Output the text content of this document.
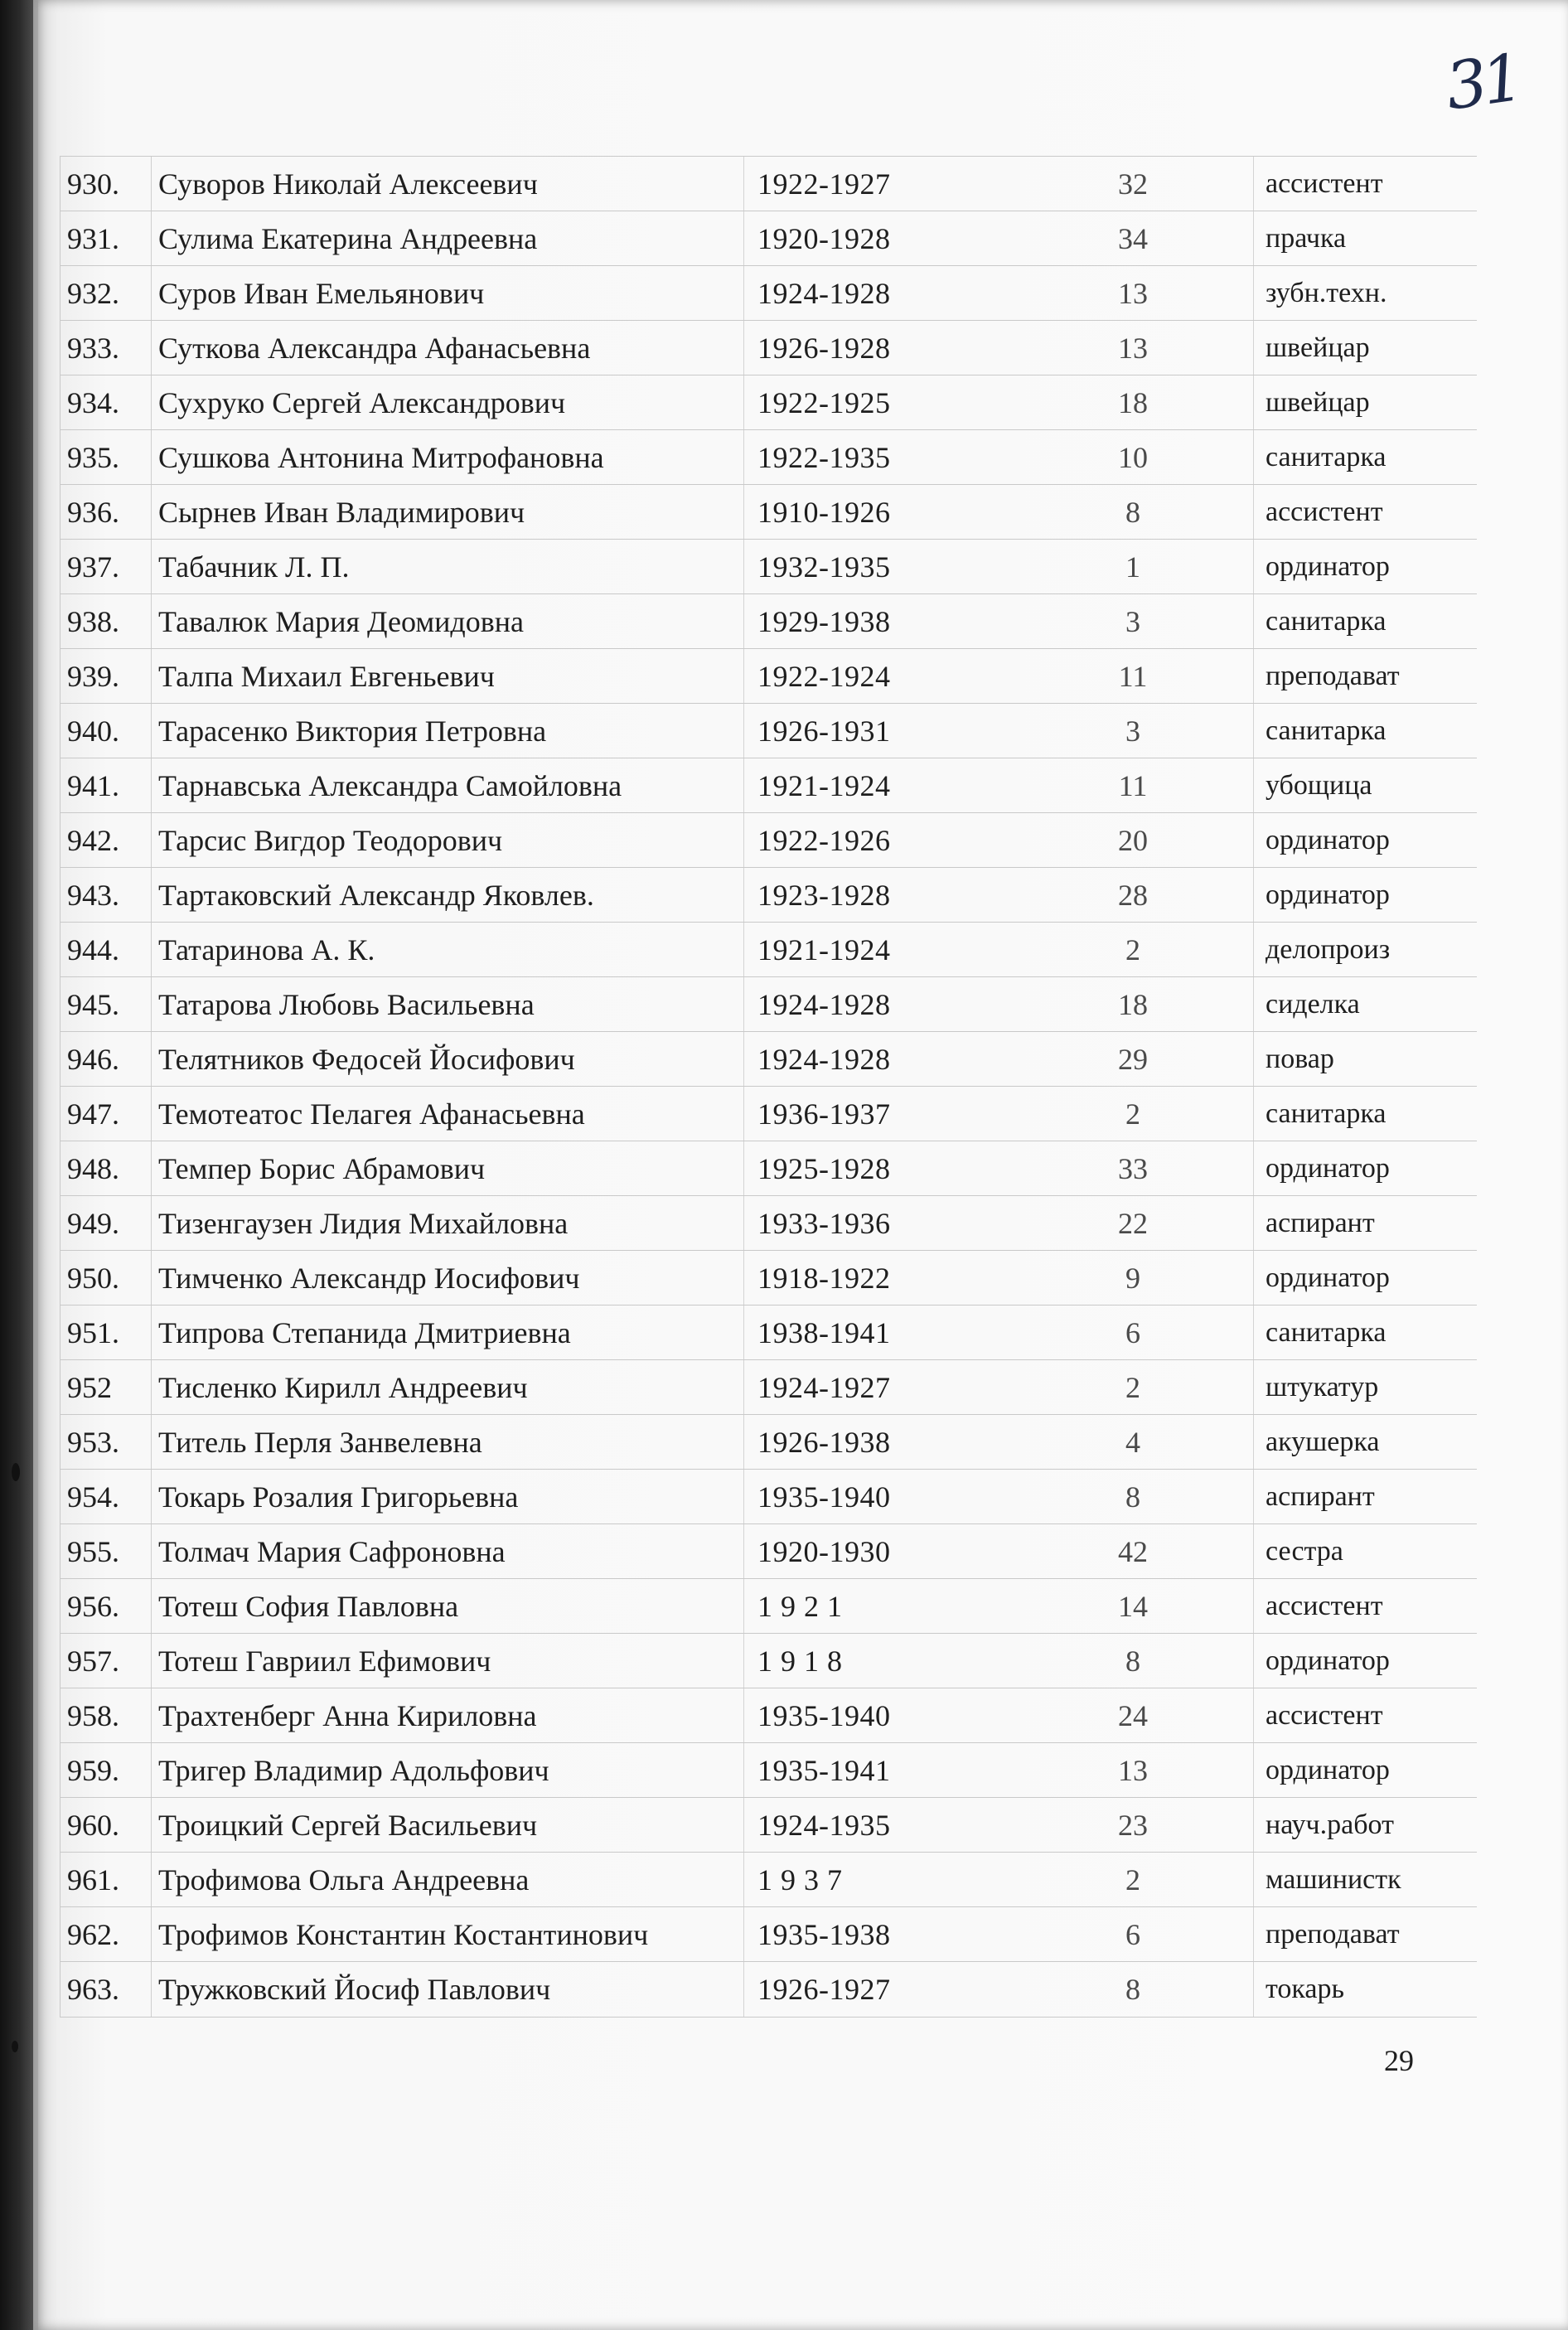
31
930.	Суворов Николай Алексеевич	1922-1927	32	ассистент
931.	Сулима Екатерина Андреевна	1920-1928	34	прачка
932.	Суров Иван Емельянович	1924-1928	13	зубн.техн.
933.	Суткова Александра Афанасьевна	1926-1928	13	швейцар
934.	Сухруко Сергей Александрович	1922-1925	18	швейцар
935.	Сушкова Антонина Митрофановна	1922-1935	10	санитарка
936.	Сырнев Иван Владимирович	1910-1926	8	ассистент
937.	Табачник Л. П.	1932-1935	1	ординатор
938.	Тавалюк Мария Деомидовна	1929-1938	3	санитарка
939.	Талпа Михаил Евгеньевич	1922-1924	11	преподават
940.	Тарасенко Виктория Петровна	1926-1931	3	санитарка
941.	Тарнавська Александра Самойловна	1921-1924	11	убощица
942.	Тарсис Вигдор Теодорович	1922-1926	20	ординатор
943.	Тартаковский Александр Яковлев.	1923-1928	28	ординатор
944.	Татаринова А. К.	1921-1924	2	делопроиз
945.	Татарова Любовь Васильевна	1924-1928	18	сиделка
946.	Телятников Федосей Йосифович	1924-1928	29	повар
947.	Темотеатос Пелагея Афанасьевна	1936-1937	2	санитарка
948.	Темпер Борис Абрамович	1925-1928	33	ординатор
949.	Тизенгаузен Лидия Михайловна	1933-1936	22	аспирант
950.	Тимченко Александр Иосифович	1918-1922	9	ординатор
951.	Типрова Степанида Дмитриевна	1938-1941	6	санитарка
952	Тисленко Кирилл Андреевич	1924-1927	2	штукатур
953.	Титель Перля Занвелевна	1926-1938	4	акушерка
954.	Токарь Розалия Григорьевна	1935-1940	8	аспирант
955.	Толмач Мария Сафроновна	1920-1930	42	сестра
956.	Тотеш София Павловна	1 9 2 1	14	ассистент
957.	Тотеш Гавриил Ефимович	1 9 1 8	8	ординатор
958.	Трахтенберг Анна Кириловна	1935-1940	24	ассистент
959.	Тригер Владимир Адольфович	1935-1941	13	ординатор
960.	Троицкий Сергей Васильевич	1924-1935	23	науч.работ
961.	Трофимова Ольга Андреевна	1 9 3 7	2	машинистк
962.	Трофимов Константин Костантинович	1935-1938	6	преподават
963.	Тружковский Йосиф Павлович	1926-1927	8	токарь
29
